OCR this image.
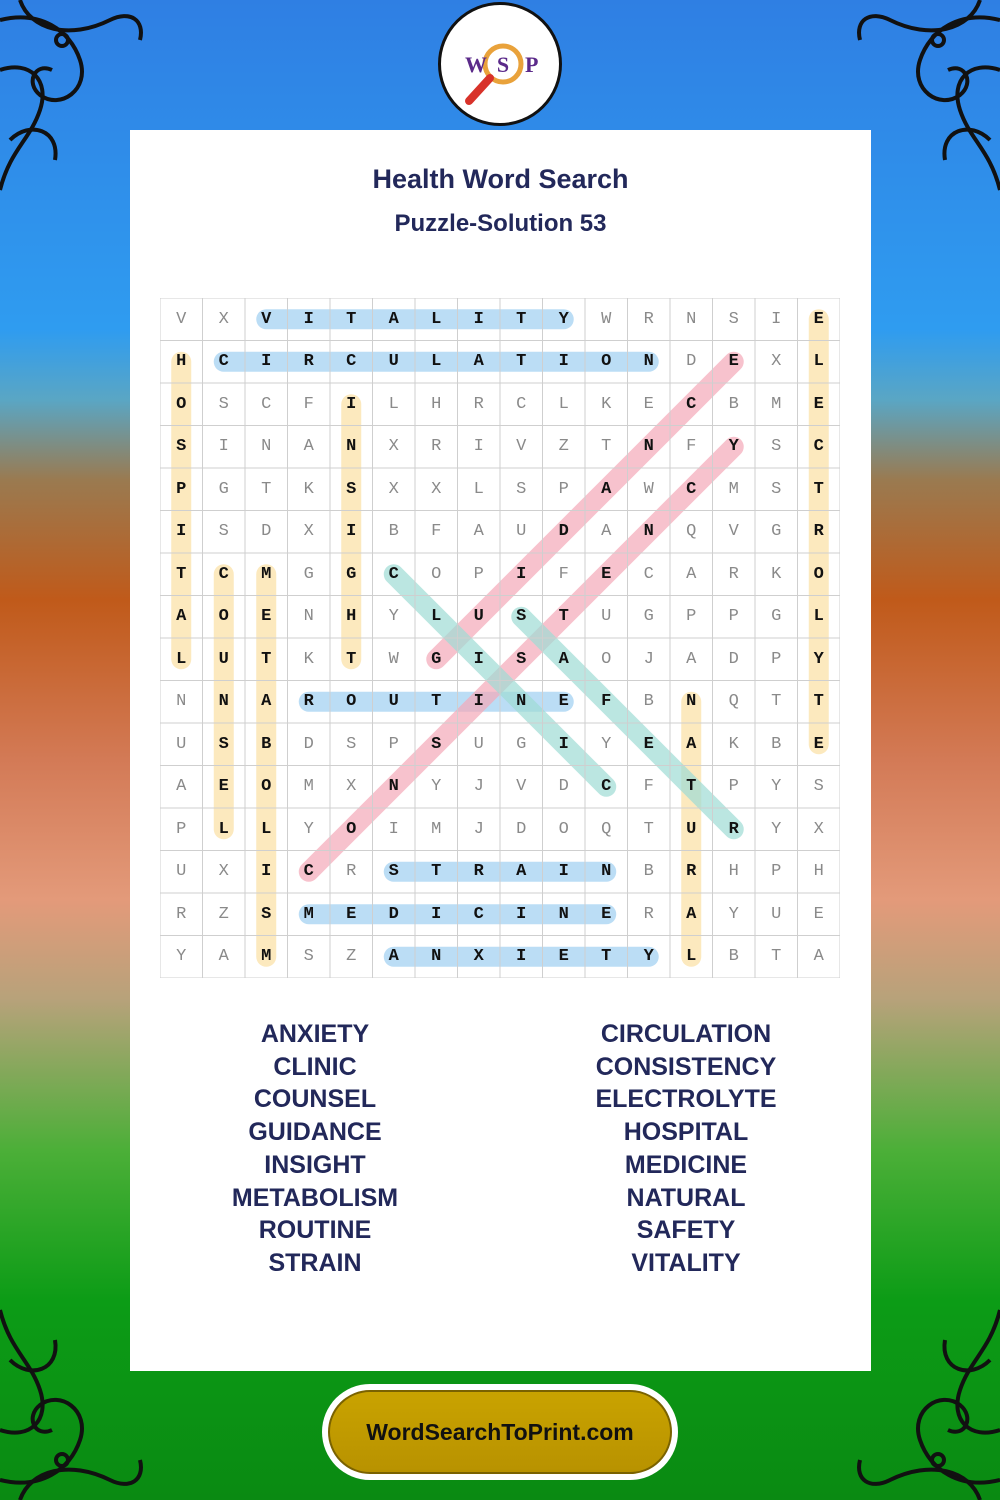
W S P
Health Word Search
Puzzle-Solution 53
V	X	V	I	T	A	L	I	T	Y	W	R	N	S	I	E
H	C	I	R	C	U	L	A	T	I	O	N	D	E	X	L
O	S	C	F	I	L	H	R	C	L	K	E	C	B	M	E
S	I	N	A	N	X	R	I	V	Z	T	N	F	Y	S	C
P	G	T	K	S	X	X	L	S	P	A	W	C	M	S	T
I	S	D	X	I	B	F	A	U	D	A	N	Q	V	G	R
T	C	M	G	G	C	O	P	I	F	E	C	A	R	K	O
A	O	E	N	H	Y	L	U	S	T	U	G	P	P	G	L
L	U	T	K	T	W	G	I	S	A	O	J	A	D	P	Y
N	N	A	R	O	U	T	I	N	E	F	B	N	Q	T	T
U	S	B	D	S	P	S	U	G	I	Y	E	A	K	B	E
A	E	O	M	X	N	Y	J	V	D	C	F	T	P	Y	S
P	L	L	Y	O	I	M	J	D	O	Q	T	U	R	Y	X
U	X	I	C	R	S	T	R	A	I	N	B	R	H	P	H
R	Z	S	M	E	D	I	C	I	N	E	R	A	Y	U	E
Y	A	M	S	Z	A	N	X	I	E	T	Y	L	B	T	A
ANXIETY
CLINIC
COUNSEL
GUIDANCE
INSIGHT
METABOLISM
ROUTINE
STRAIN
CIRCULATION
CONSISTENCY
ELECTROLYTE
HOSPITAL
MEDICINE
NATURAL
SAFETY
VITALITY
WordSearchToPrint.com
